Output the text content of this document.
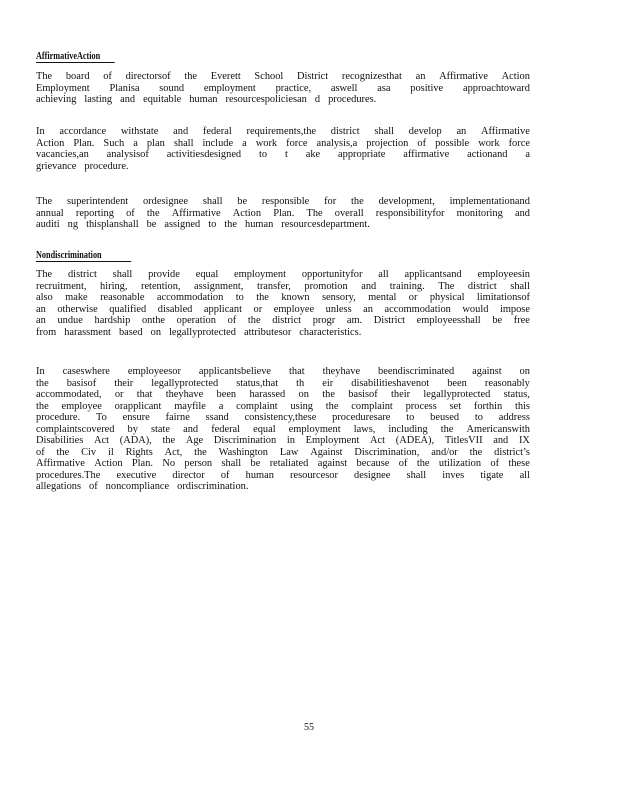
AffirmativeAction
The board of directorsof the Everett School District recognizesthat an Affirmative Action
Employment Planisa sound employment practice, aswell asa positive approachtoward
achieving lasting and equitable human resourcespoliciesan d procedures.
In accordance withstate and federal requirements,the district shall develop an Affirmative
Action Plan. Such a plan shall include a work force analysis,a projection of possible work force
vacancies,an analysisof activitiesdesigned to t ake appropriate affirmative actionand a
grievance procedure.
The superintendent ordesignee shall be responsible for the development, implementationand
annual reporting of the Affirmative Action Plan. The overall responsibilityfor monitoring and
auditi ng thisplanshall be assigned to the human resourcesdepartment.
Nondiscrimination
The district shall provide equal employment opportunityfor all applicantsand employeesin
recruitment, hiring, retention, assignment, transfer, promotion and training. The district shall
also make reasonable accommodation to the known sensory, mental or physical limitationsof
an otherwise qualified disabled applicant or employee unless an accommodation would impose
an undue hardship onthe operation of the district progr am. District employeesshall be free
from harassment based on legallyprotected attributesor characteristics.
In caseswhere employeesor applicantsbelieve that theyhave beendiscriminated against on
the basisof their legallyprotected status,that th eir disabilitieshavenot been reasonably
accommodated, or that theyhave been harassed on the basisof their legallyprotected status,
the employee orapplicant mayfile a complaint using the complaint process set forthin this
procedure. To ensure fairne ssand consistency,these proceduresare to beused to address
complaintscovered by state and federal equal employment laws, including the Americanswith
Disabilities Act (ADA), the Age Discrimination in Employment Act (ADEA), TitlesVII and IX
of the Civ il Rights Act, the Washington Law Against Discrimination, and/or the district’s
Affirmative Action Plan. No person shall be retaliated against because of the utilization of these
procedures.The executive director of human resourcesor designee shall inves tigate all
allegations of noncompliance ordiscrimination.
55
